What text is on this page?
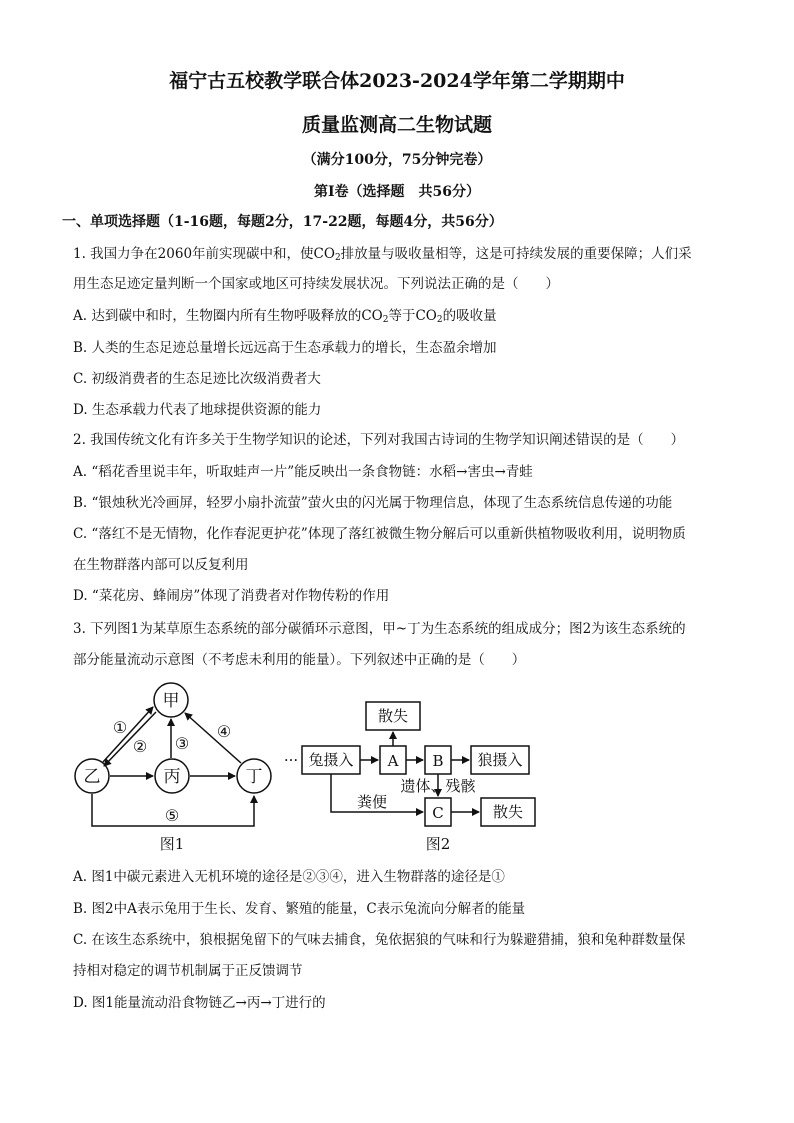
福宁古五校教学联合体2023-2024学年第二学期期中
质量监测高二生物试题
（满分100分，75分钟完卷）
第Ⅰ卷（选择题　共56分）
一、单项选择题（1-16题，每题2分，17-22题，每题4分，共56分）
1. 我国力争在2060年前实现碳中和，使$CO_2$排放量与吸收量相等，这是可持续发展的重要保障；人们采
用生态足迹定量判断一个国家或地区可持续发展状况。下列说法正确的是（　　）
A. 达到碳中和时，生物圈内所有生物呼吸释放的$CO_2$等于$CO_2$的吸收量
B. 人类的生态足迹总量增长远远高于生态承载力的增长，生态盈余增加
C. 初级消费者的生态足迹比次级消费者大
D. 生态承载力代表了地球提供资源的能力
2. 我国传统文化有许多关于生物学知识的论述，下列对我国古诗词的生物学知识阐述错误的是（　　）
A. “稻花香里说丰年，听取蛙声一片”能反映出一条食物链：水稻→害虫→青蛙
B. “银烛秋光冷画屏，轻罗小扇扑流萤”萤火虫的闪光属于物理信息，体现了生态系统信息传递的功能
C. “落红不是无情物，化作春泥更护花”体现了落红被微生物分解后可以重新供植物吸收利用，说明物质
在生物群落内部可以反复利用
D. “菜花房、蜂闹房”体现了消费者对作物传粉的作用
3. 下列图1为某草原生态系统的部分碳循环示意图，甲~丁为生态系统的组成成分；图2为该生态系统的
部分能量流动示意图（不考虑未利用的能量）。下列叙述中正确的是（　　）
甲
乙	丙	丁
①
② ③
④
⑤
图1
··· 兔摄入 A B 狼摄入
散失
C	散失
遗体、残骸
粪便
图2
A. 图1中碳元素进入无机环境的途径是②③④，进入生物群落的途径是①
B. 图2中A表示兔用于生长、发育、繁殖的能量，C表示兔流向分解者的能量
C. 在该生态系统中，狼根据兔留下的气味去捕食，兔依据狼的气味和行为躲避猎捕，狼和兔种群数量保
持相对稳定的调节机制属于正反馈调节
D. 图1能量流动沿食物链乙→丙→丁进行的
